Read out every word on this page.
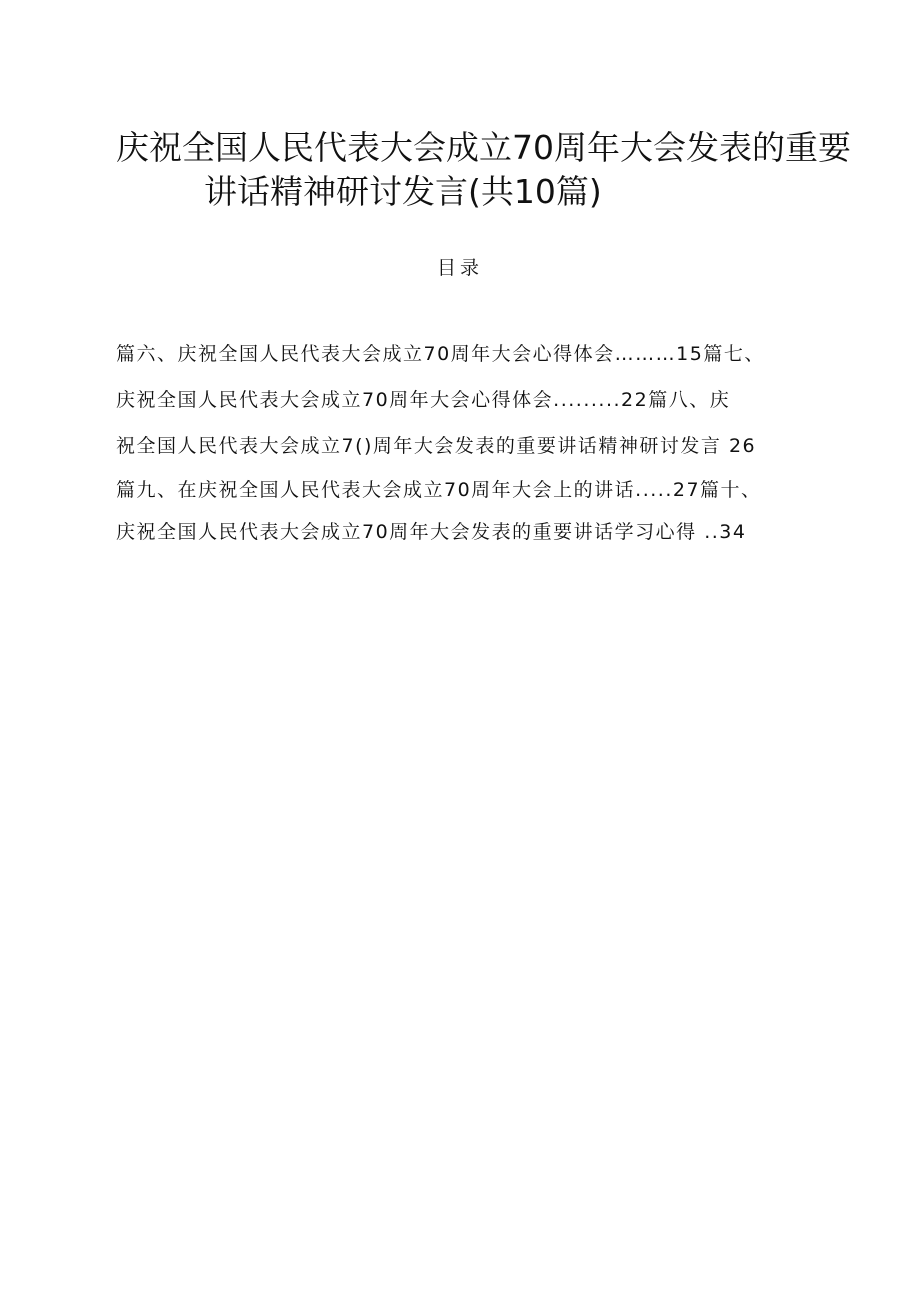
庆祝全国人民代表大会成立70周年大会发表的重要
讲话精神研讨发言(共10篇)
目录
篇六、庆祝全国人民代表大会成立70周年大会心得体会………15篇七、
庆祝全国人民代表大会成立70周年大会心得体会.........22篇八、庆
祝全国人民代表大会成立7()周年大会发表的重要讲话精神研讨发言 26
篇九、在庆祝全国人民代表大会成立70周年大会上的讲话.....27篇十、
庆祝全国人民代表大会成立70周年大会发表的重要讲话学习心得 ..34
